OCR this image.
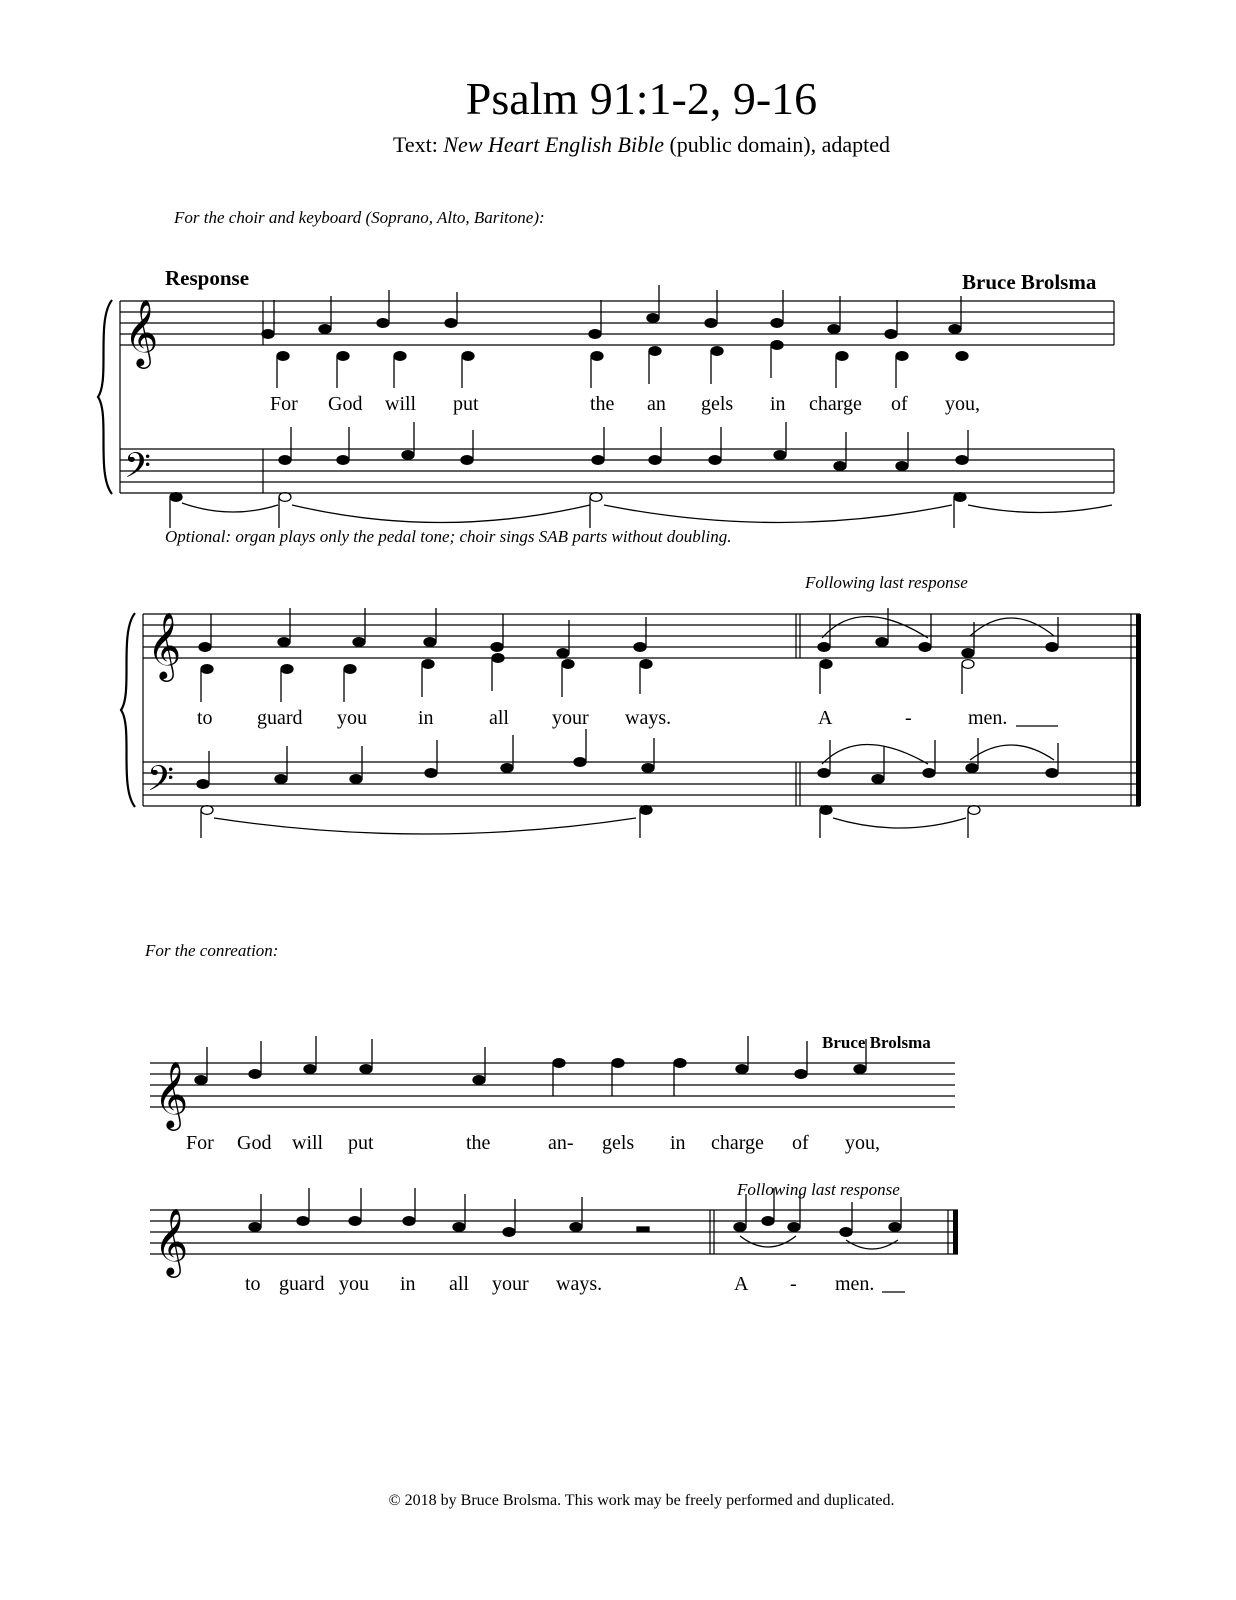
Psalm 91:1-2, 9-16
Text: New Heart English Bible (public domain), adapted
For the choir and keyboard (Soprano, Alto, Baritone):
Response	Bruce Brolsma
For God will put	the an gels in charge of you,
Optional: organ plays only the pedal tone; choir sings SAB parts without doubling.
Following last response
to guard you	in	all your ways.	A	-	men.
For the conreation:
Bruce Brolsma
For God will put	the	an- gels in charge of you,
Following last response
to guard you in all your ways.	A - men.
© 2018 by Bruce Brolsma. This work may be freely performed and duplicated.
𝄞
𝄢
𝄞
𝄢
𝄞
𝄞
